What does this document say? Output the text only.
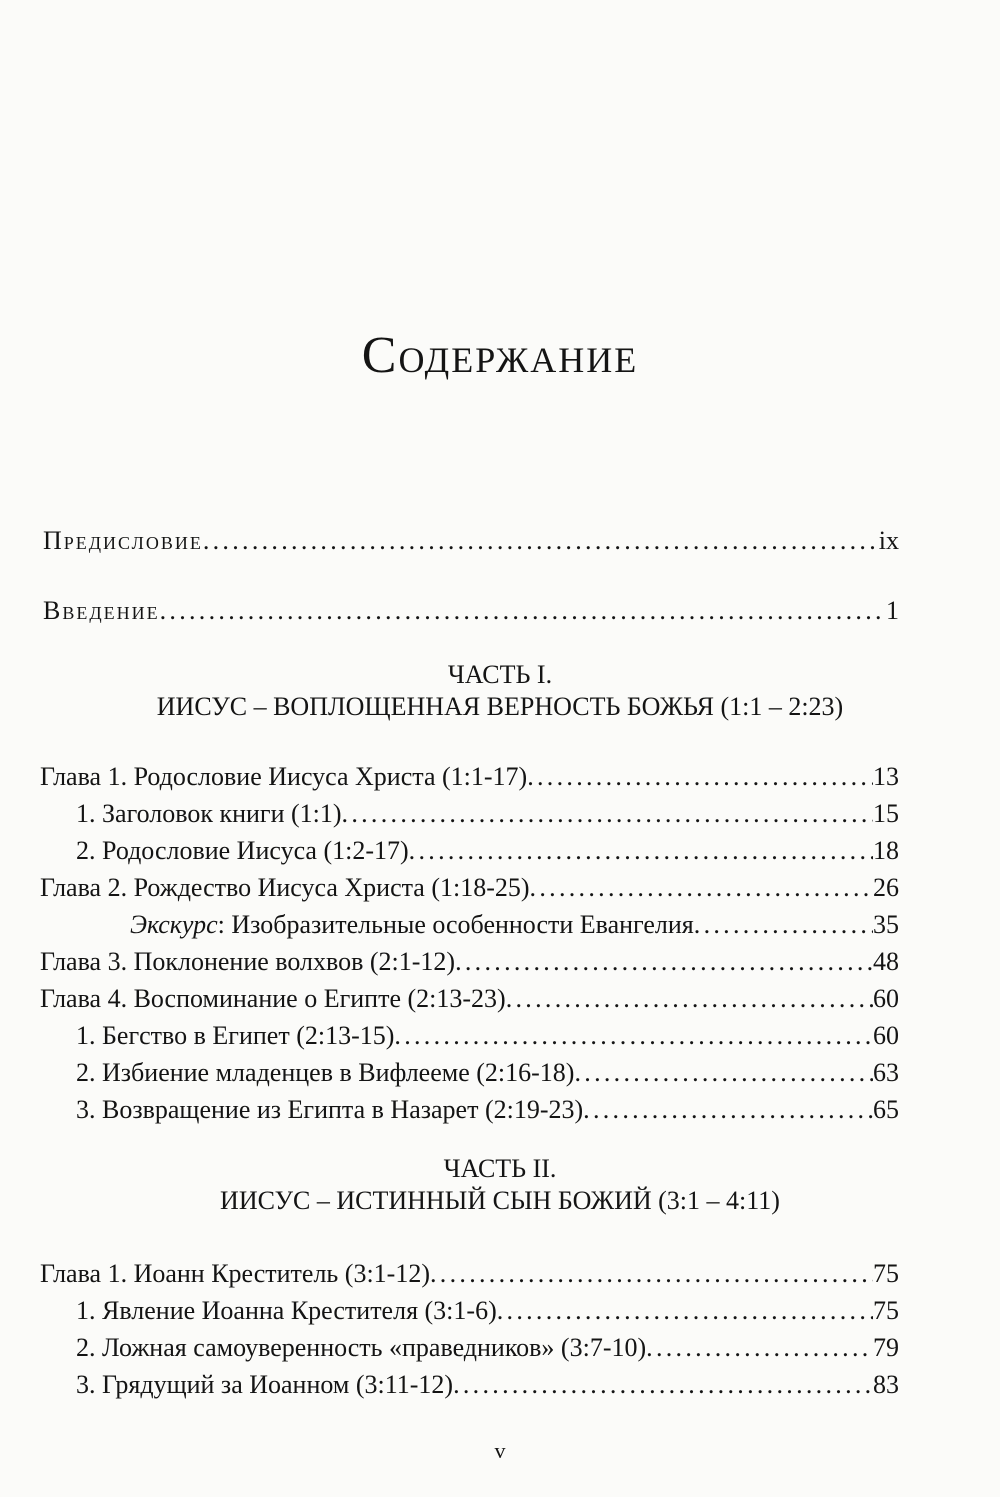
Содержание
Предисловие . . .	ix
Введение . . .	1
ЧАСТЬ I.
ИИСУС – ВОПЛОЩЕННАЯ ВЕРНОСТЬ БОЖЬЯ (1:1 – 2:23)
Глава 1. Родословие Иисуса Христа (1:1-17) . . .	13
1. Заголовок книги (1:1) . . .	15
2. Родословие Иисуса (1:2-17) . . .	18
Глава 2. Рождество Иисуса Христа (1:18-25) . . .	26
Экскурс: Изобразительные особенности Евангелия . . .	35
Глава 3. Поклонение волхвов (2:1-12) . . .	48
Глава 4. Воспоминание о Египте (2:13-23) . . .	60
1. Бегство в Египет (2:13-15) . . .	60
2. Избиение младенцев в Вифлееме (2:16-18) . . .	63
3. Возвращение из Египта в Назарет (2:19-23) . . .	65
ЧАСТЬ II.
ИИСУС – ИСТИННЫЙ СЫН БОЖИЙ (3:1 – 4:11)
Глава 1. Иоанн Креститель (3:1-12) . . .	75
1. Явление Иоанна Крестителя (3:1-6) . . .	75
2. Ложная самоуверенность «праведников» (3:7-10) . . .	79
3. Грядущий за Иоанном (3:11-12) . . .	83
v
